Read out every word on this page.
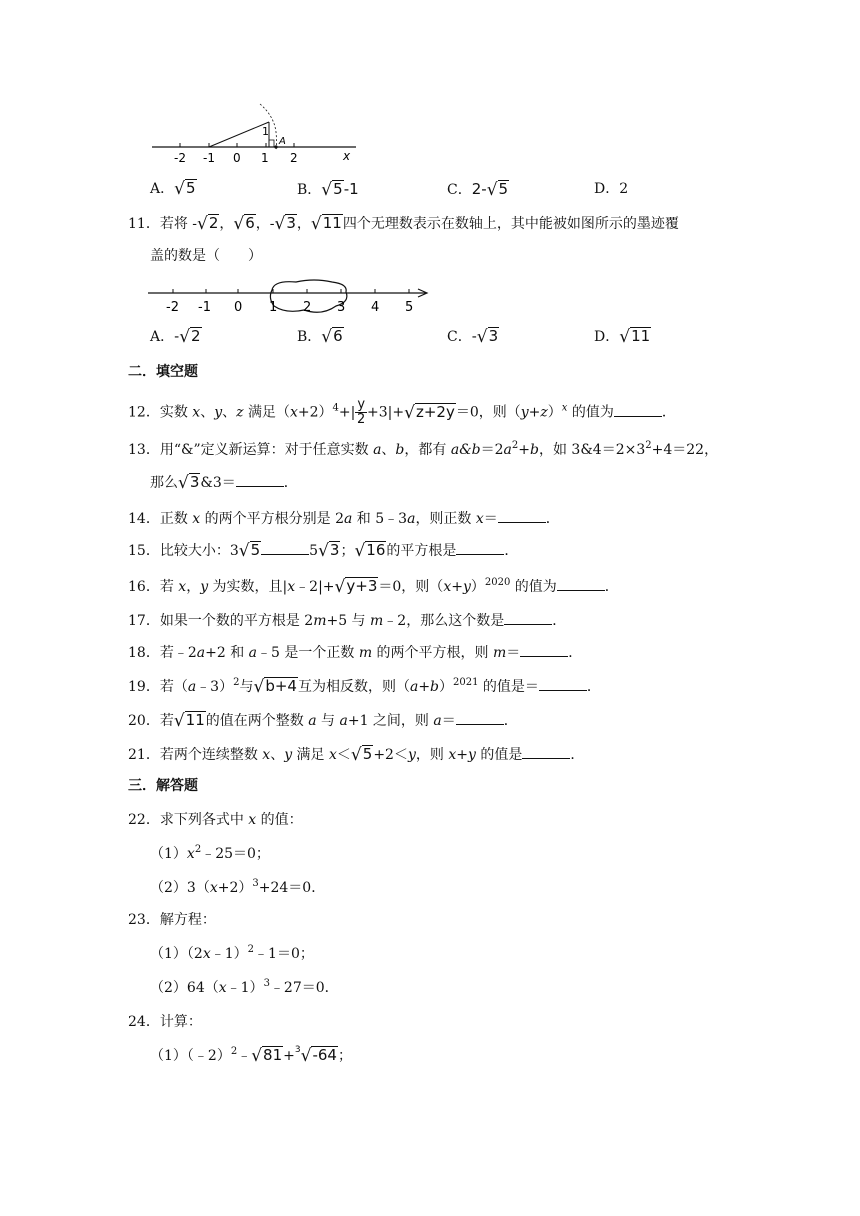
-2 -1 0 1 2	x
1
A
A．√5	B．√5-1	C．2-√5	D．2
11．若将 -√2，√6，-√3，√11四个无理数表示在数轴上，其中能被如图所示的墨迹覆
盖的数是（　　）
-2 -1 0 1 2 3 4 5
A．-√2	B．√6	C．-√3	D．√11
二．填空题
12．实数 x、y、z 满足$(x+2)^4+| \frac{y}{2} +3|+√z+2y=0$，则$(y+z)^x$ 的值为	．
13．用“&”定义新运算：对于任意实数 a、b，都有 $a\&b=2a^2+b$，如 $3\&4=2\times 3^2+4=22$，
那么√3&3＝	．
14．正数 x 的两个平方根分别是 2a 和 5﹣3a，则正数 x＝	．
15．比较大小：3√5	5√3；√16的平方根是	．
16．若 x，y 为实数，且|x﹣2|+√y+3＝0，则$(x+y)^{2020}$ 的值为	．
17．如果一个数的平方根是 2m+5 与 m﹣2，那么这个数是	．
18．若﹣2a+2 和 a﹣5 是一个正数 m 的两个平方根，则 m＝	．
19．若（a﹣3）$^2$与√b+4互为相反数，则$(a+b)^{2021}$ 的值是＝	．
20．若√11的值在两个整数 a 与 a+1 之间，则 a＝	．
21．若两个连续整数 x、y 满足 x＜√5+2＜y，则 x+y 的值是	．
三．解答题
22．求下列各式中 x 的值：
$(1)x^2﹣25=0$；
$(2)3(x+2)^3+24=0$．
23．解方程：
（1）（2x﹣1）$^2$﹣1＝0；
（2）64（x﹣1）$^3$﹣27＝0．
24．计算：
（1）（﹣2）$^2$﹣√81+$^3$√-64；
